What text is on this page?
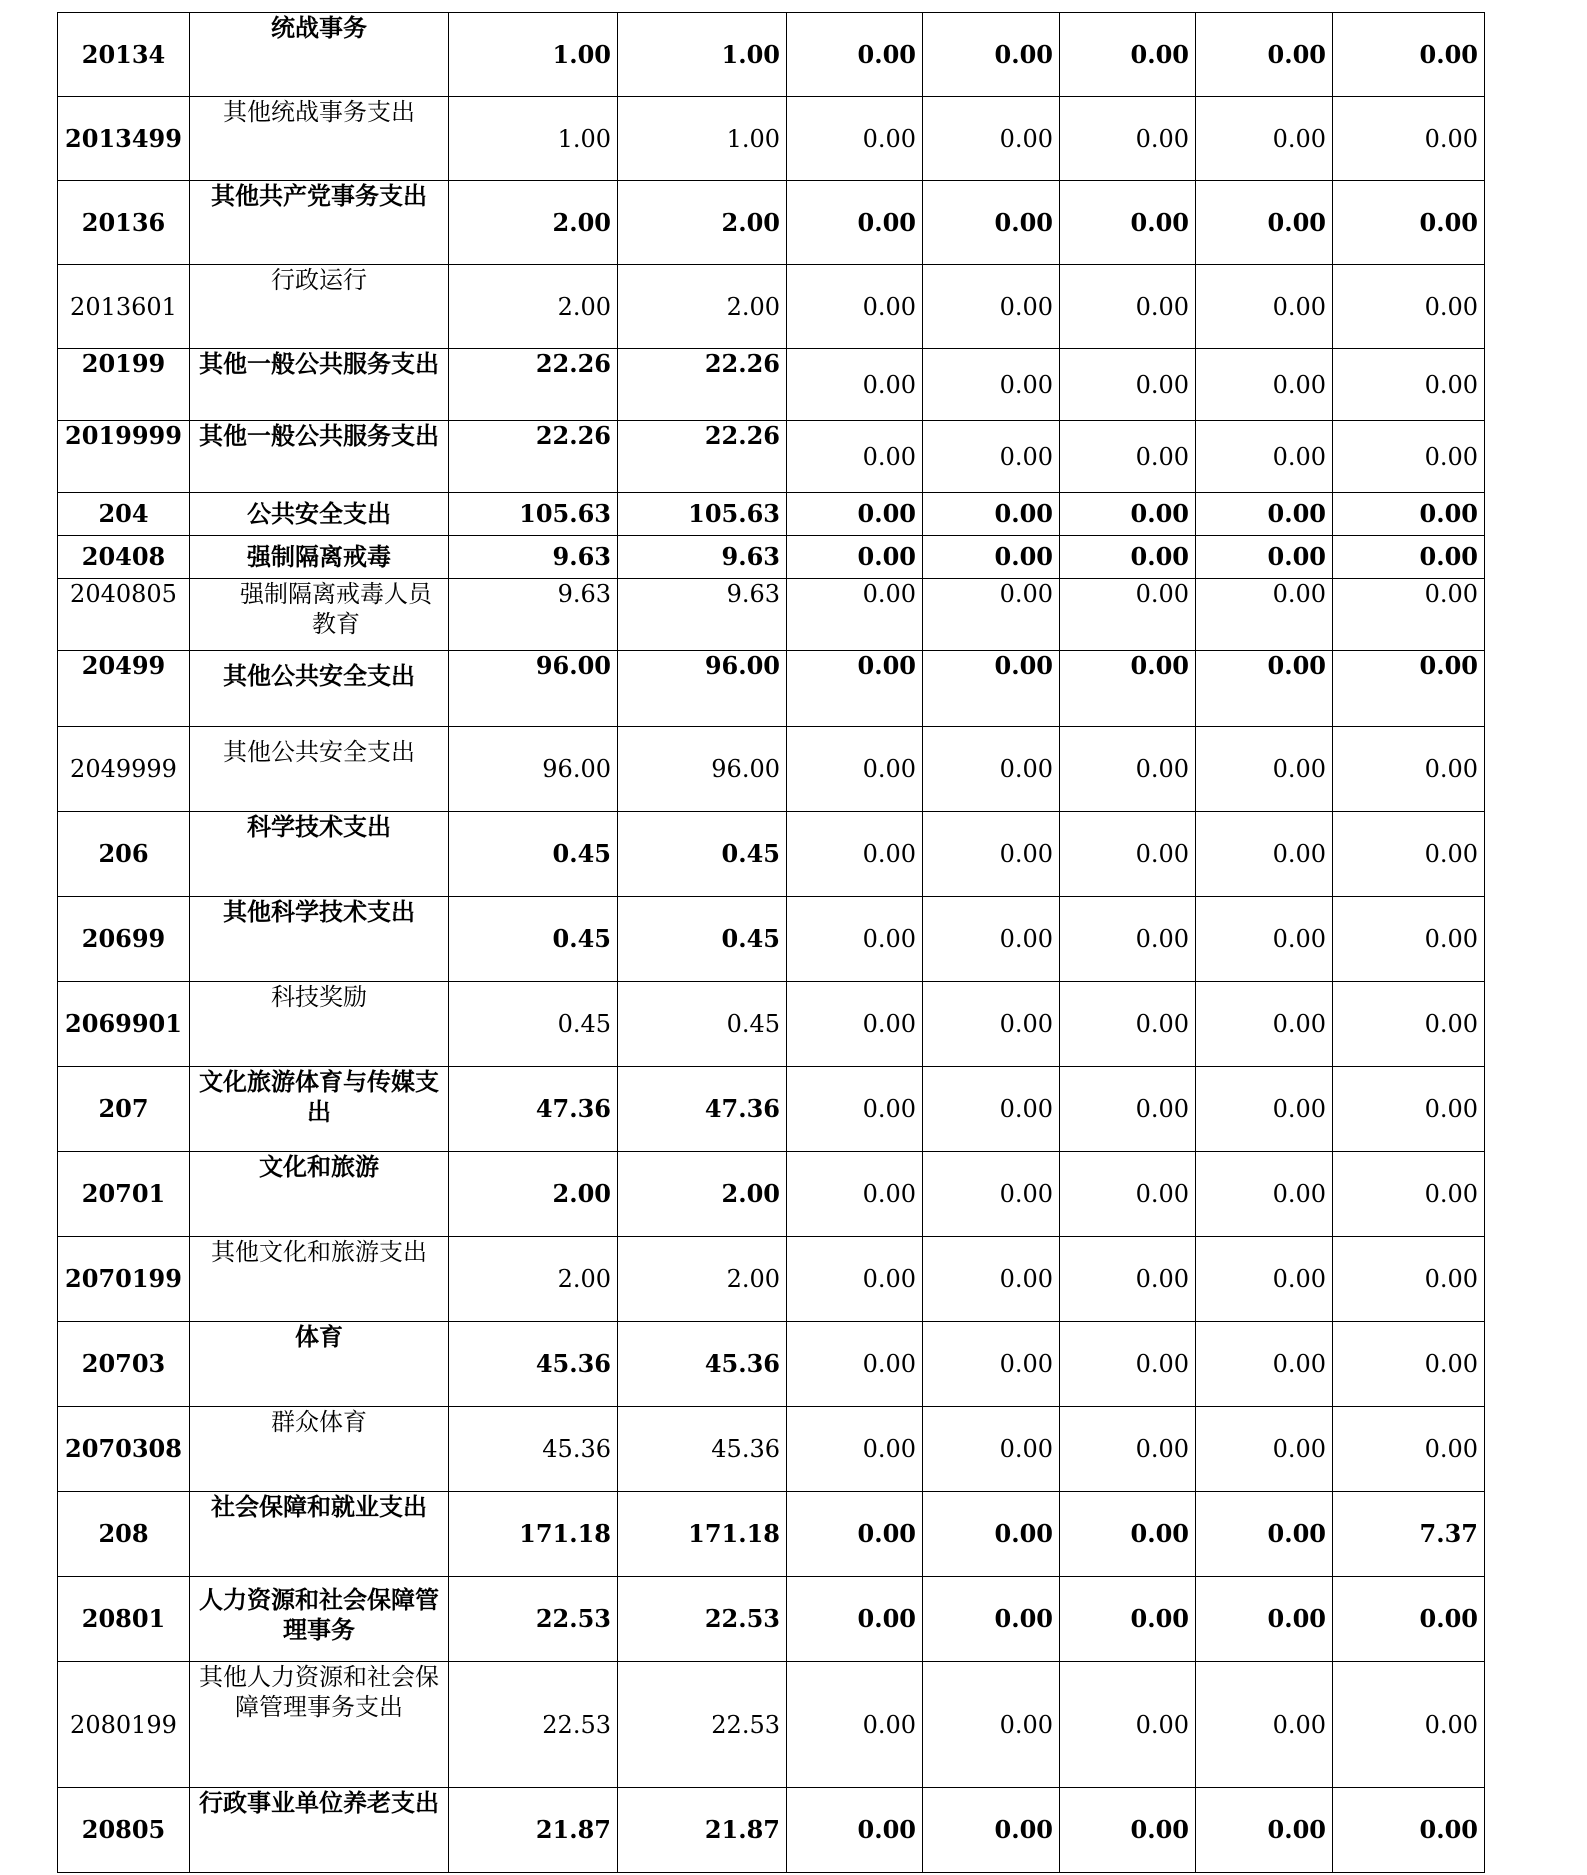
20134	统战事务	1.00	1.00	0.00	0.00	0.00	0.00	0.00
2013499	其他统战事务支出	1.00	1.00	0.00	0.00	0.00	0.00	0.00
20136	其他共产党事务支出	2.00	2.00	0.00	0.00	0.00	0.00	0.00
2013601	行政运行	2.00	2.00	0.00	0.00	0.00	0.00	0.00
20199	其他一般公共服务支出	22.26	22.26	0.00	0.00	0.00	0.00	0.00
2019999	其他一般公共服务支出	22.26	22.26	0.00	0.00	0.00	0.00	0.00
204	公共安全支出	105.63	105.63	0.00	0.00	0.00	0.00	0.00
20408	强制隔离戒毒	9.63	9.63	0.00	0.00	0.00	0.00	0.00
2040805	强制隔离戒毒人员教育	9.63	9.63	0.00	0.00	0.00	0.00	0.00
20499	其他公共安全支出	96.00	96.00	0.00	0.00	0.00	0.00	0.00
2049999	其他公共安全支出	96.00	96.00	0.00	0.00	0.00	0.00	0.00
206	科学技术支出	0.45	0.45	0.00	0.00	0.00	0.00	0.00
20699	其他科学技术支出	0.45	0.45	0.00	0.00	0.00	0.00	0.00
2069901	科技奖励	0.45	0.45	0.00	0.00	0.00	0.00	0.00
207	文化旅游体育与传媒支出	47.36	47.36	0.00	0.00	0.00	0.00	0.00
20701	文化和旅游	2.00	2.00	0.00	0.00	0.00	0.00	0.00
2070199	其他文化和旅游支出	2.00	2.00	0.00	0.00	0.00	0.00	0.00
20703	体育	45.36	45.36	0.00	0.00	0.00	0.00	0.00
2070308	群众体育	45.36	45.36	0.00	0.00	0.00	0.00	0.00
208	社会保障和就业支出	171.18	171.18	0.00	0.00	0.00	0.00	7.37
20801	人力资源和社会保障管理事务	22.53	22.53	0.00	0.00	0.00	0.00	0.00
2080199	其他人力资源和社会保障管理事务支出	22.53	22.53	0.00	0.00	0.00	0.00	0.00
20805	行政事业单位养老支出	21.87	21.87	0.00	0.00	0.00	0.00	0.00
